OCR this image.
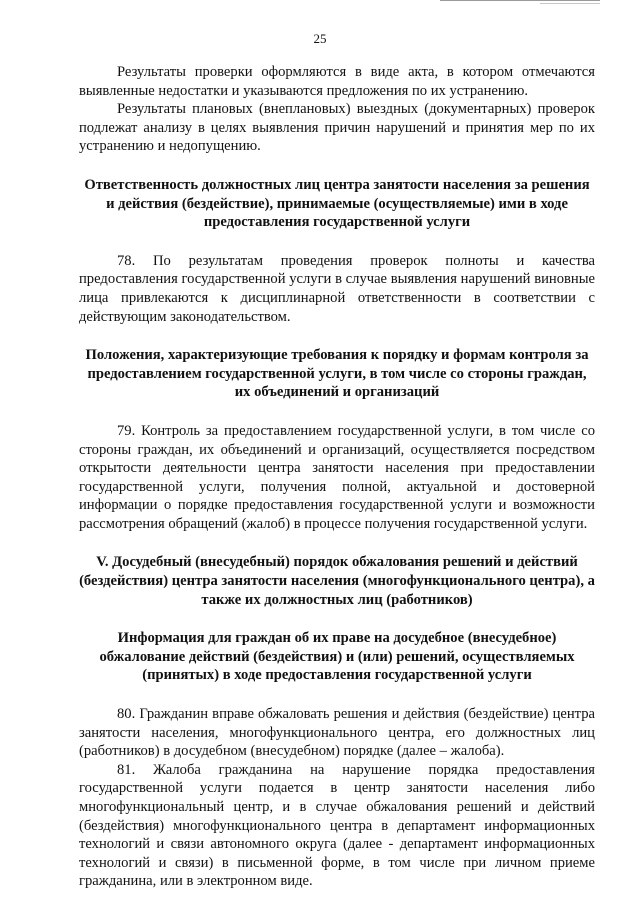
25

Результаты проверки оформляются в виде акта, в котором отмечаются выявленные недостатки и указываются предложения по их устранению.

Результаты плановых (внеплановых) выездных (документарных) проверок подлежат анализу в целях выявления причин нарушений и принятия мер по их устранению и недопущению.

Ответственность должностных лиц центра занятости населения за решения и действия (бездействие), принимаемые (осуществляемые) ими в ходе предоставления государственной услуги

78. По результатам проведения проверок полноты и качества предоставления государственной услуги в случае выявления нарушений виновные лица привлекаются к дисциплинарной ответственности в соответствии с действующим законодательством.

Положения, характеризующие требования к порядку и формам контроля за предоставлением государственной услуги, в том числе со стороны граждан, их объединений и организаций

79. Контроль за предоставлением государственной услуги, в том числе со стороны граждан, их объединений и организаций, осуществляется посредством открытости деятельности центра занятости населения при предоставлении государственной услуги, получения полной, актуальной и достоверной информации о порядке предоставления государственной услуги и возможности рассмотрения обращений (жалоб) в процессе получения государственной услуги.

V. Досудебный (внесудебный) порядок обжалования решений и действий (бездействия) центра занятости населения (многофункционального центра), а также их должностных лиц (работников)
Информация для граждан об их праве на досудебное (внесудебное) обжалование действий (бездействия) и (или) решений, осуществляемых (принятых) в ходе предоставления государственной услуги

80. Гражданин вправе обжаловать решения и действия (бездействие) центра занятости населения, многофункционального центра, его должностных лиц (работников) в досудебном (внесудебном) порядке (далее – жалоба).

81. Жалоба гражданина на нарушение порядка предоставления государственной услуги подается в центр занятости населения либо многофункциональный центр, и в случае обжалования решений и действий (бездействия) многофункционального центра в департамент информационных технологий и связи автономного округа (далее - департамент информационных технологий и связи) в письменной форме, в том числе при личном приеме гражданина, или в электронном виде.
